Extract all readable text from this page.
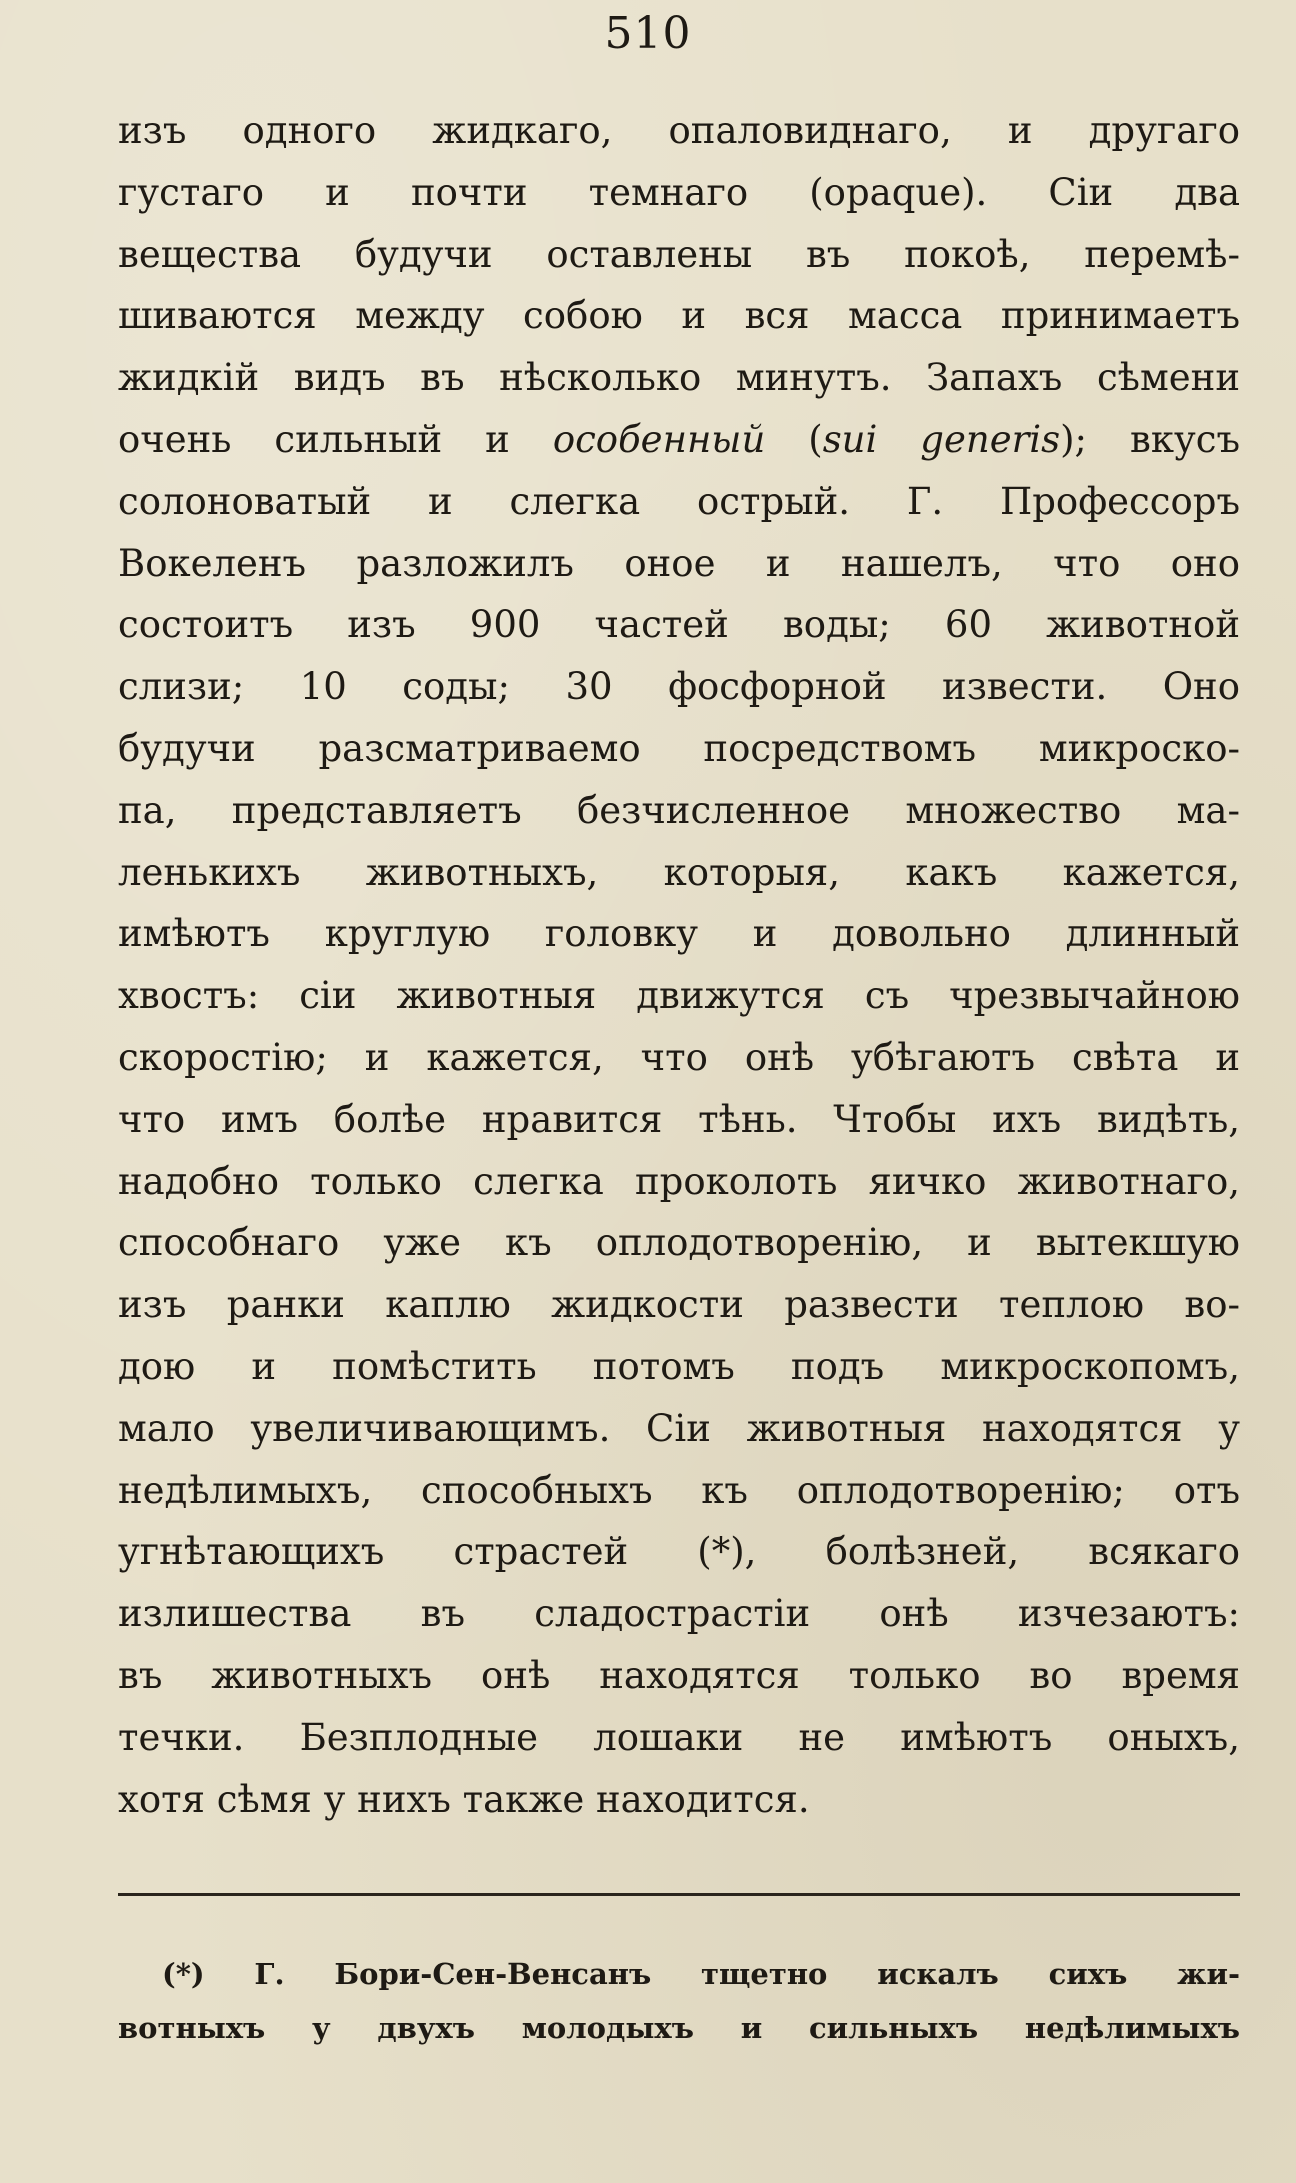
510
изъ одного жидкаго, опаловиднаго, и другаго
густаго и почти темнаго (opaque). Сіи два
вещества будучи оставлены въ покоѣ, перемѣ-
шиваются между собою и вся масса принимаетъ
жидкій видъ въ нѣсколько минутъ. Запахъ сѣмени
очень сильный и особенный (sui generis); вкусъ
солоноватый и слегка острый. Г. Профессоръ
Вокеленъ разложилъ оное и нашелъ, что оно
состоитъ изъ 900 частей воды; 60 животной
слизи; 10 соды; 30 фосфорной извести. Оно
будучи разсматриваемо посредствомъ микроско-
па, представляетъ безчисленное множество ма-
ленькихъ животныхъ, которыя, какъ кажется,
имѣютъ круглую головку и довольно длинный
хвостъ: сіи животныя движутся съ чрезвычайною
скоростію; и кажется, что онѣ убѣгаютъ свѣта и
что имъ болѣе нравится тѣнь. Чтобы ихъ видѣть,
надобно только слегка проколоть яичко животнаго,
способнаго уже къ оплодотворенію, и вытекшую
изъ ранки каплю жидкости развести теплою во-
дою и помѣстить потомъ подъ микроскопомъ,
мало увеличивающимъ. Сіи животныя находятся у
недѣлимыхъ, способныхъ къ оплодотворенію; отъ
угнѣтающихъ страстей (*), болѣзней, всякаго
излишества въ сладострастіи онѣ изчезаютъ:
въ животныхъ онѣ находятся только во время
течки. Безплодные лошаки не имѣютъ оныхъ,
хотя сѣмя у нихъ также находится.
(*) Г. Бори-Сен-Венсанъ тщетно искалъ сихъ жи-
вотныхъ у двухъ молодыхъ и сильныхъ недѣлимыхъ
